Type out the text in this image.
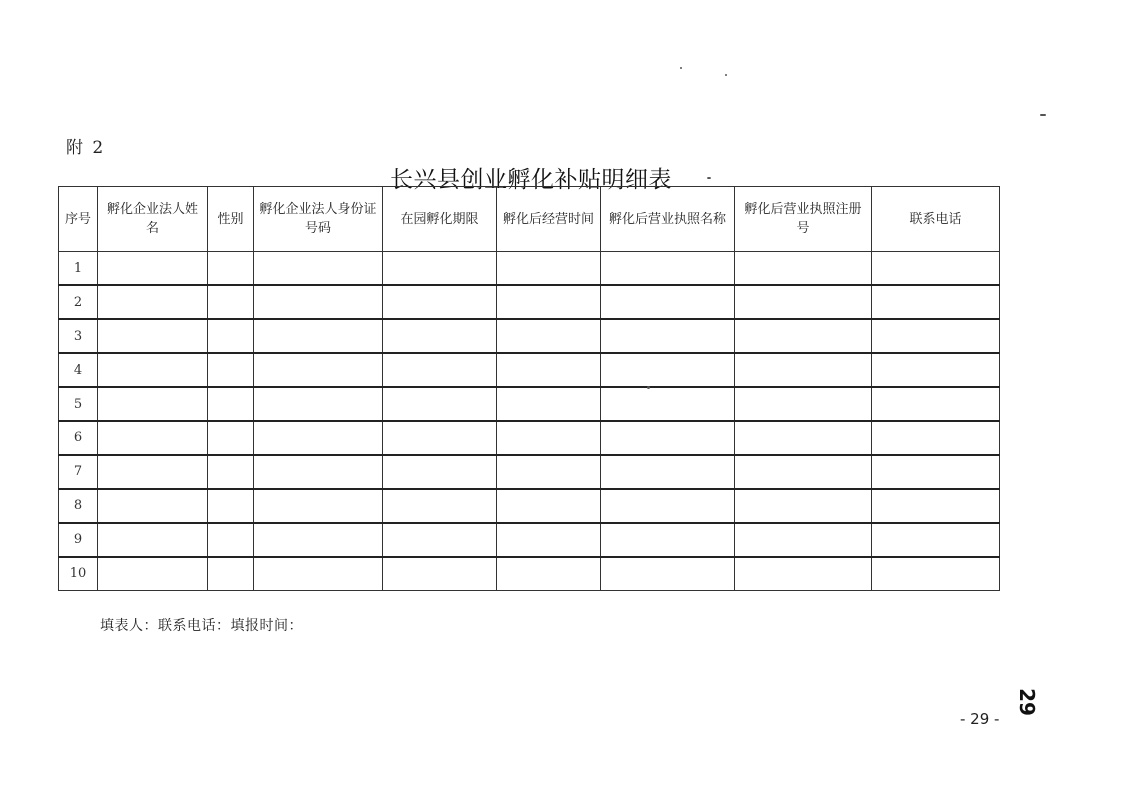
附 2
长兴县创业孵化补贴明细表
序号	孵化企业法人姓名	性别	孵化企业法人身份证号码	在园孵化期限	孵化后经营时间	孵化后营业执照名称	孵化后营业执照注册号	联系电话
1								
2								
3								
4								
5								
6								
7								
8								
9								
10								
填表人：联系电话：填报时间：
- 29 -
29
